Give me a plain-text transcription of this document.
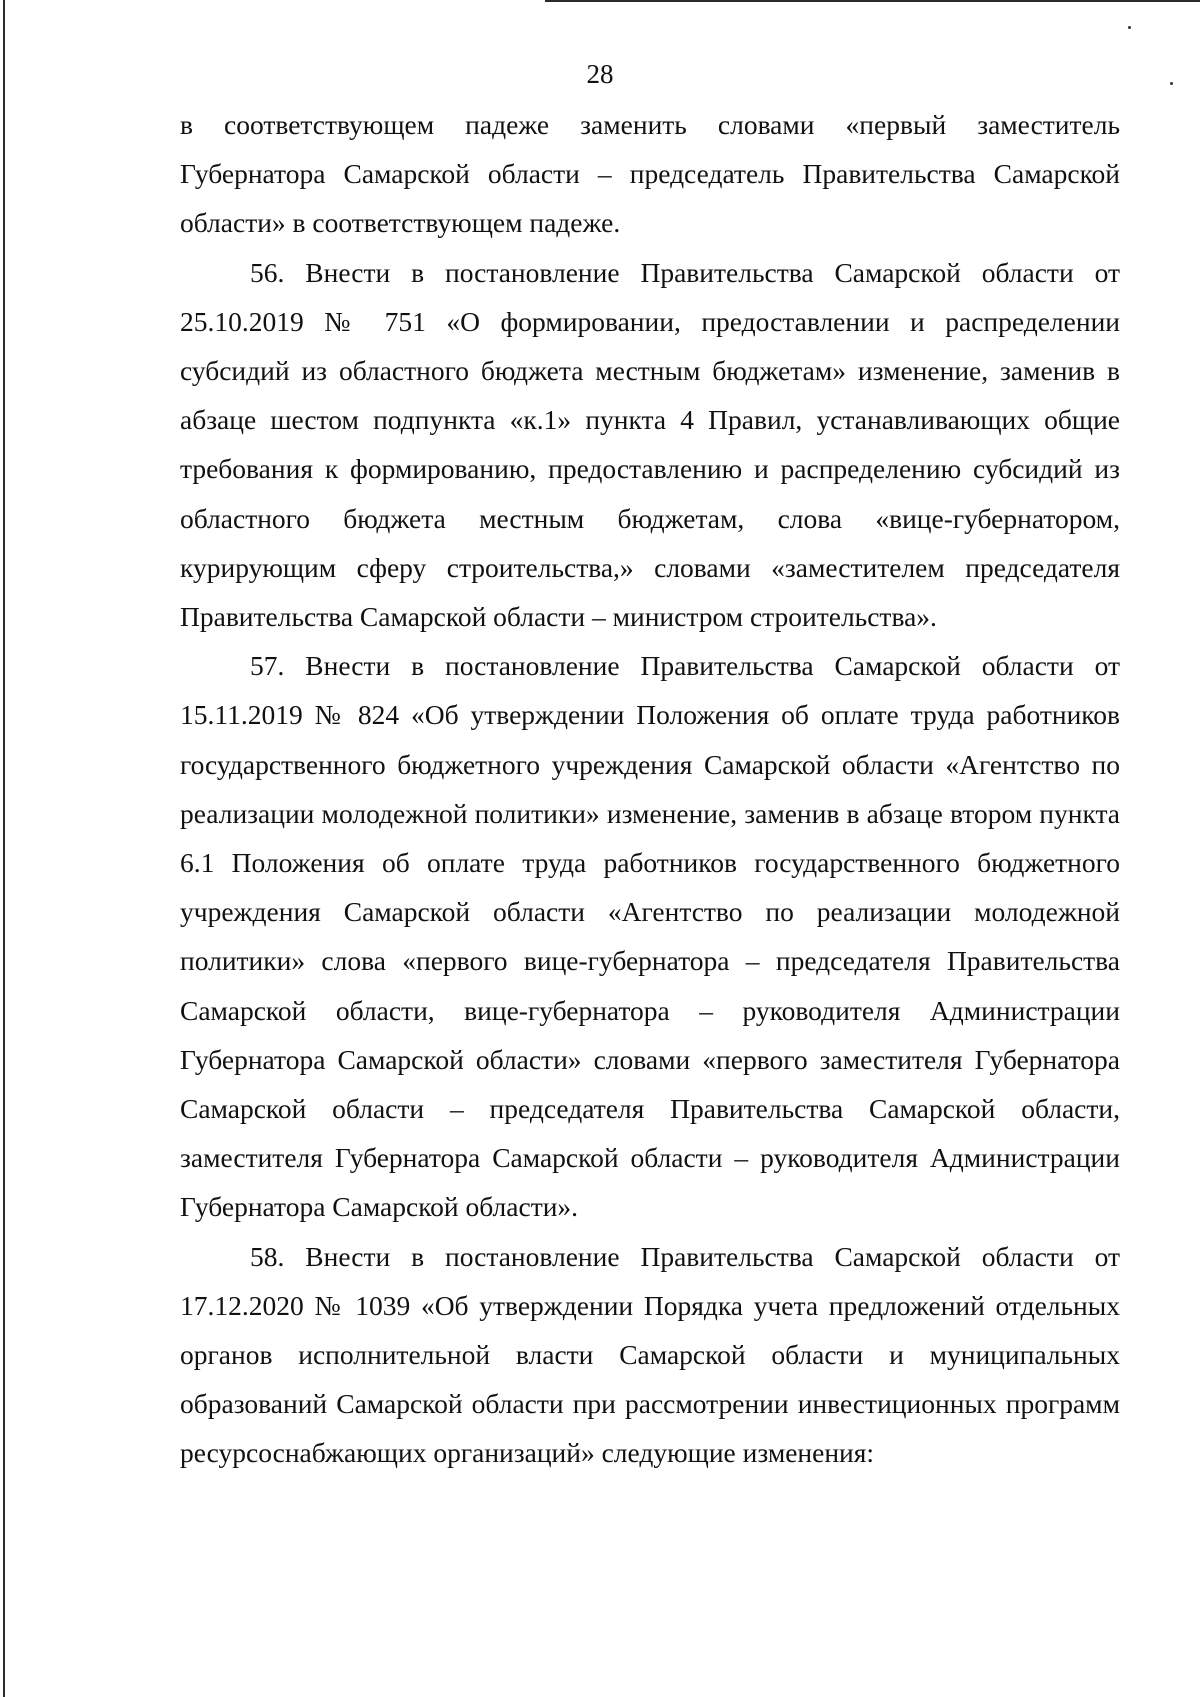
28

в соответствующем падеже заменить словами «первый заместитель Губернатора Самарской области – председатель Правительства Самарской области» в соответствующем падеже.

56. Внести в постановление Правительства Самарской области от 25.10.2019 № 751 «О формировании, предоставлении и распределении субсидий из областного бюджета местным бюджетам» изменение, заменив в абзаце шестом подпункта «к.1» пункта 4 Правил, устанавливающих общие требования к формированию, предоставлению и распределению субсидий из областного бюджета местным бюджетам, слова «вице-губернатором, курирующим сферу строительства,» словами «заместителем председателя Правительства Самарской области – министром строительства».

57. Внести в постановление Правительства Самарской области от 15.11.2019 № 824 «Об утверждении Положения об оплате труда работников государственного бюджетного учреждения Самарской области «Агентство по реализации молодежной политики» изменение, заменив в абзаце втором пункта 6.1 Положения об оплате труда работников государственного бюджетного учреждения Самарской области «Агентство по реализации молодежной политики» слова «первого вице-губернатора – председателя Правительства Самарской области, вице-губернатора – руководителя Администрации Губернатора Самарской области» словами «первого заместителя Губернатора Самарской области – председателя Правительства Самарской области, заместителя Губернатора Самарской области – руководителя Администрации Губернатора Самарской области».

58. Внести в постановление Правительства Самарской области от 17.12.2020 № 1039 «Об утверждении Порядка учета предложений отдельных органов исполнительной власти Самарской области и муниципальных образований Самарской области при рассмотрении инвестиционных программ ресурсоснабжающих организаций» следующие изменения:
